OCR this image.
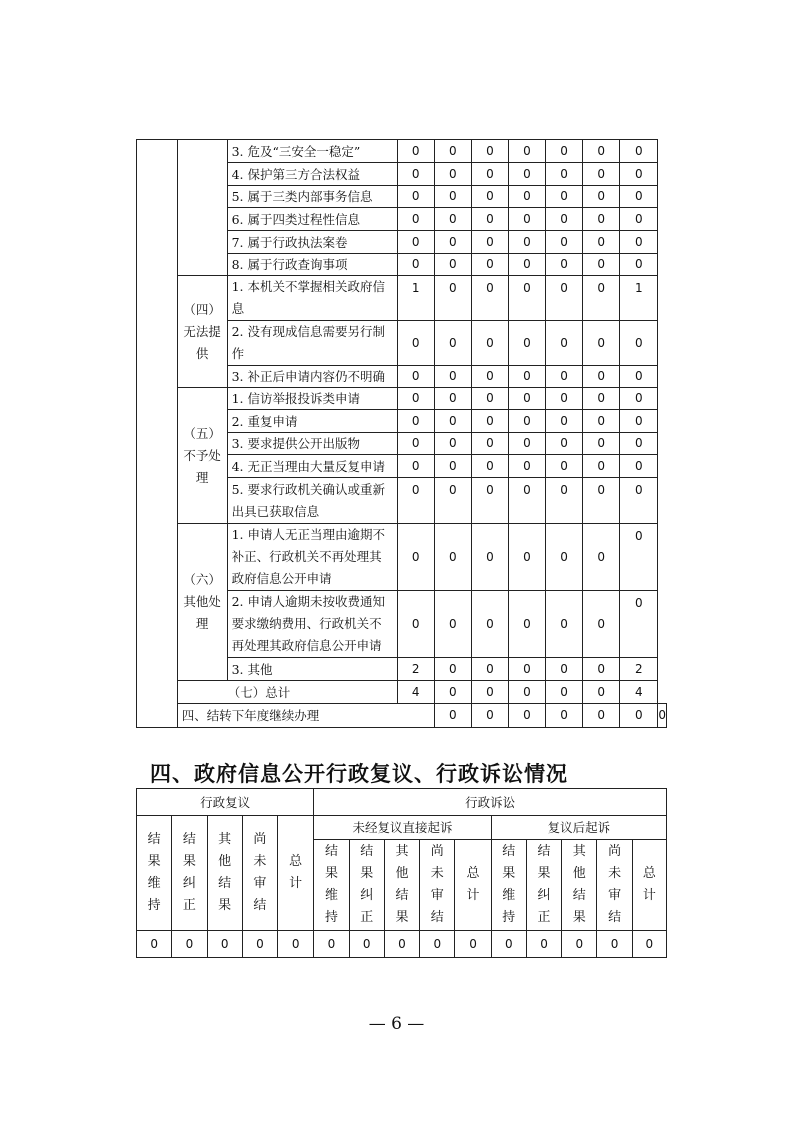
		3. 危及“三安全一稳定”	0	0	0	0	0	0	0	
		4. 保护第三方合法权益	0	0	0	0	0	0	0	
		5. 属于三类内部事务信息	0	0	0	0	0	0	0	
		6. 属于四类过程性信息	0	0	0	0	0	0	0	
		7. 属于行政执法案卷	0	0	0	0	0	0	0	
		8. 属于行政查询事项	0	0	0	0	0	0	0	
	（四）无法提供	1. 本机关不掌握相关政府信息	1	0	0	0	0	0	1	

		2. 没有现成信息需要另行制作	0	0	0	0	0	0	0	
		3. 补正后申请内容仍不明确	0	0	0	0	0	0	0	
	（五）不予处理	1. 信访举报投诉类申请	0	0	0	0	0	0	0	
		2. 重复申请	0	0	0	0	0	0	0	
		3. 要求提供公开出版物	0	0	0	0	0	0	0	
		4. 无正当理由大量反复申请	0	0	0	0	0	0	0	

		5. 要求行政机关确认或重新出具已获取信息	0	0	0	0	0	0	0	
	（六）其他处理	1. 申请人无正当理由逾期不补正、行政机关不再处理其政府信息公开申请	0	0	0	0	0	0	0	

		2. 申请人逾期未按收费通知要求缴纳费用、行政机关不再处理其政府信息公开申请	0	0	0	0	0	0	0	
		3. 其他	2	0	0	0	0	0	2	
	（七）总计		4	0	0	0	0	0	4	
	四、结转下年度继续办理			0	0	0	0	0	0	0
四、政府信息公开行政复议、行政诉讼情况
行政复议					行政诉讼									

结果维持	结果纠正	其他结果	尚未审结	总计	未经复议直接起诉					复议后起诉				

					结果维持	结果纠正	其他结果	尚未审结	总计	结果维持	结果纠正	其他结果	尚未审结	总计

0	0	0	0	0	0	0	0	0	0	0	0	0	0	0
— 6 —
